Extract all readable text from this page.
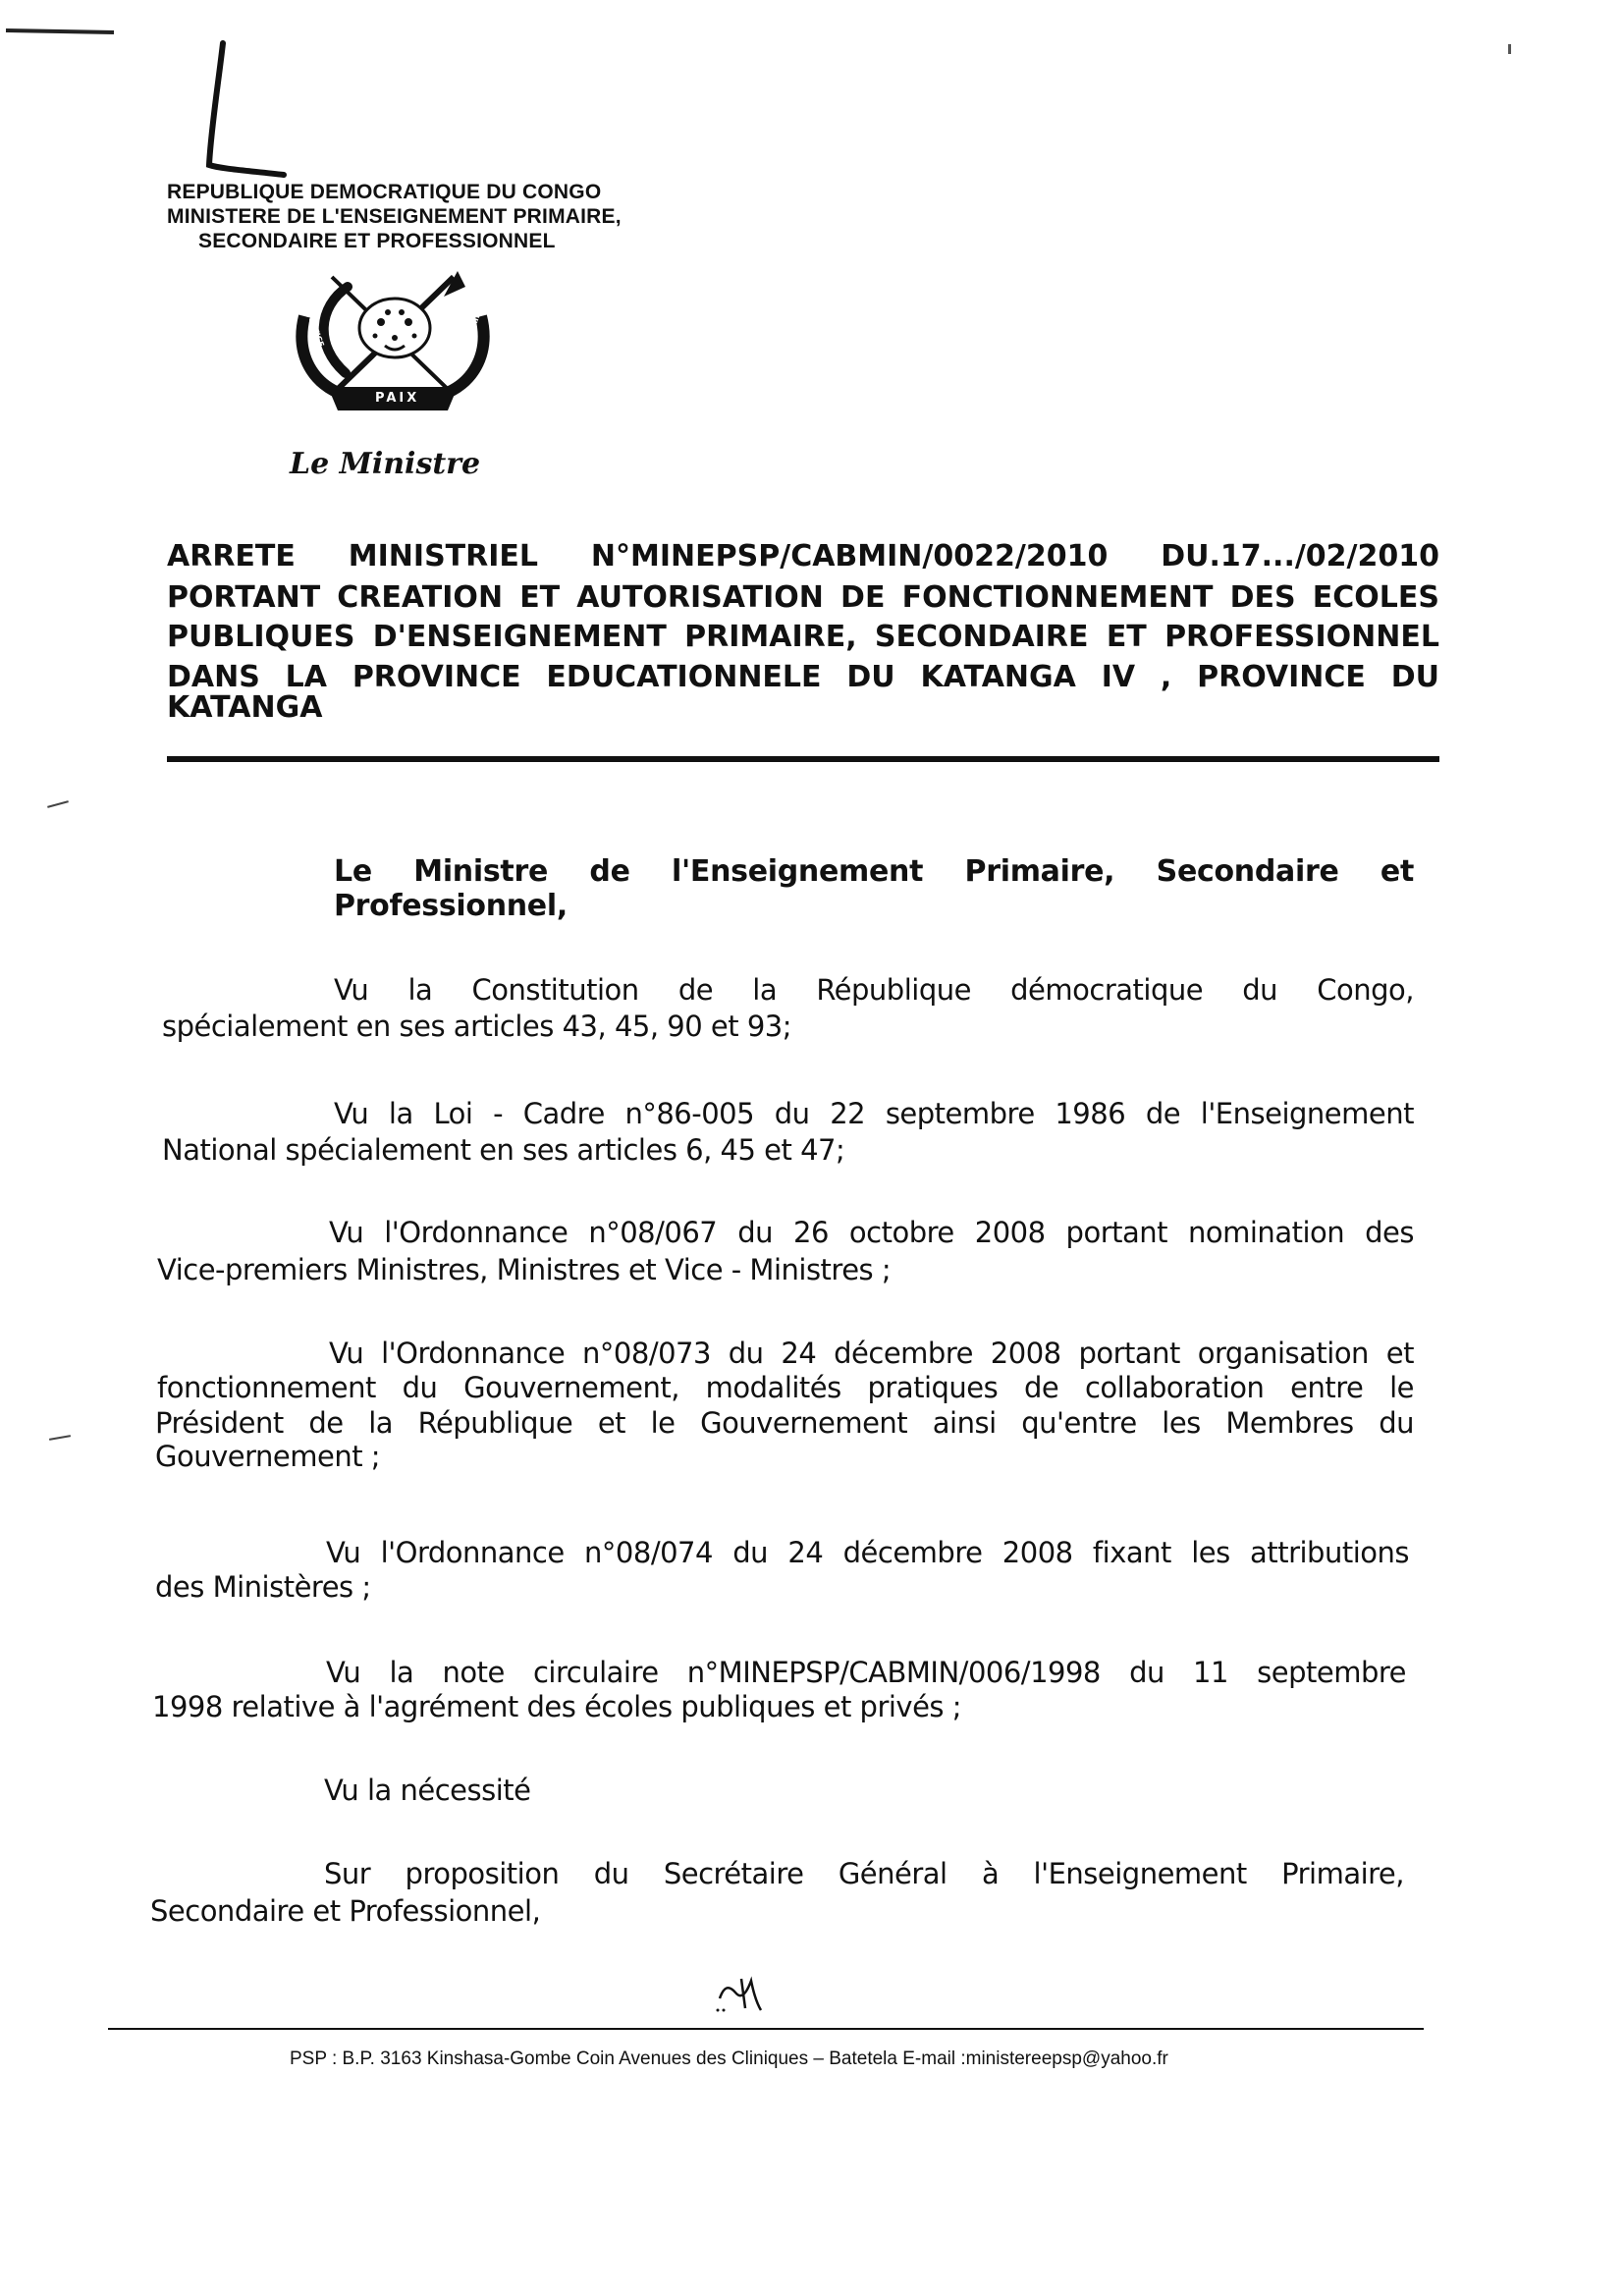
REPUBLIQUE DEMOCRATIQUE DU CONGO
MINISTERE DE L'ENSEIGNEMENT PRIMAIRE,
SECONDAIRE ET PROFESSIONNEL
PAIX
JUSTICE	TRAVAIL
Le Ministre
ARRETE MINISTRIEL N°MINEPSP/CABMIN/0022/2010 DU.17.../02/2010
PORTANT CREATION ET AUTORISATION DE FONCTIONNEMENT DES ECOLES
PUBLIQUES D'ENSEIGNEMENT PRIMAIRE, SECONDAIRE ET PROFESSIONNEL
DANS LA PROVINCE EDUCATIONNELE DU KATANGA IV , PROVINCE DU
KATANGA
Le Ministre de l'Enseignement Primaire, Secondaire et
Professionnel,
Vu la Constitution de la République démocratique du Congo,
spécialement en ses articles 43, 45, 90 et 93;
Vu la Loi - Cadre n°86-005 du 22 septembre 1986 de l'Enseignement
National spécialement en ses articles 6, 45 et 47;
Vu l'Ordonnance n°08/067 du 26 octobre 2008 portant nomination des
Vice-premiers Ministres, Ministres et Vice - Ministres ;
Vu l'Ordonnance n°08/073 du 24 décembre 2008 portant organisation et
fonctionnement du Gouvernement, modalités pratiques de collaboration entre le
Président de la République et le Gouvernement ainsi qu'entre les Membres du
Gouvernement ;
Vu l'Ordonnance n°08/074 du 24 décembre 2008 fixant les attributions
des Ministères ;
Vu la note circulaire n°MINEPSP/CABMIN/006/1998 du 11 septembre
1998 relative à l'agrément des écoles publiques et privés ;
Vu la nécessité
Sur proposition du Secrétaire Général à l'Enseignement Primaire,
Secondaire et Professionnel,
PSP : B.P. 3163 Kinshasa-Gombe Coin Avenues des Cliniques – Batetela E-mail :ministereepsp@yahoo.fr
